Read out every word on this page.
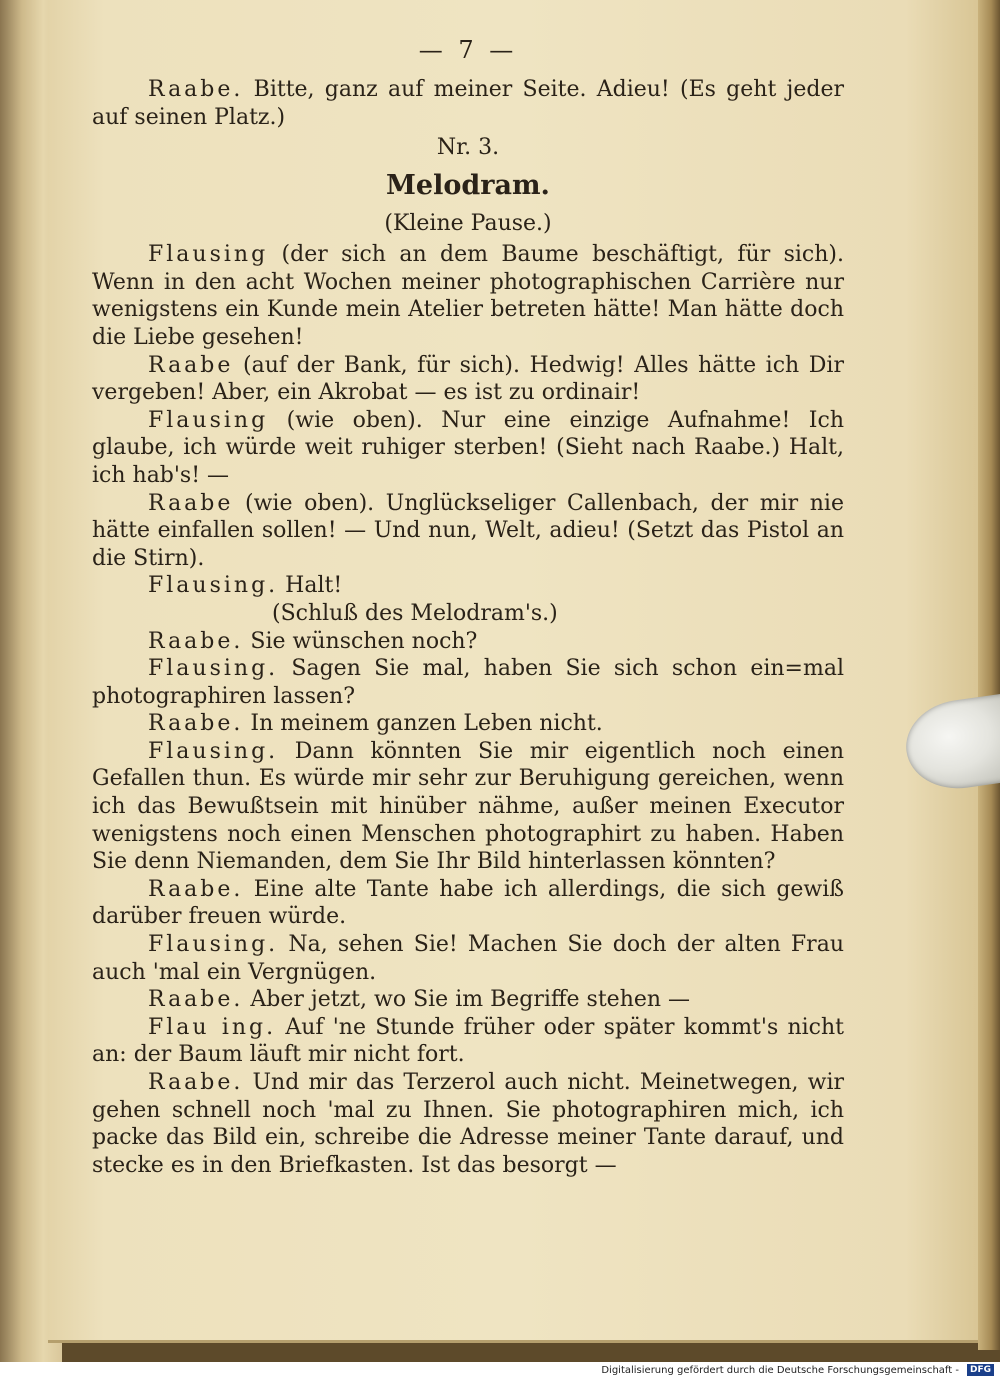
— 7 —

Raabe. Bitte, ganz auf meiner Seite. Adieu! (Es geht jeder auf seinen Platz.)

Nr. 3.
Melodram.
(Kleine Pause.)

Flausing (der sich an dem Baume beschäftigt, für sich). Wenn in den acht Wochen meiner photographischen Carrière nur wenigstens ein Kunde mein Atelier betreten hätte! Man hätte doch die Liebe gesehen!

Raabe (auf der Bank, für sich). Hedwig! Alles hätte ich Dir vergeben! Aber, ein Akrobat — es ist zu ordinair!

Flausing (wie oben). Nur eine einzige Aufnahme! Ich glaube, ich würde weit ruhiger sterben! (Sieht nach Raabe.) Halt, ich hab's! —

Raabe (wie oben). Unglückseliger Callenbach, der mir nie hätte einfallen sollen! — Und nun, Welt, adieu! (Setzt das Pistol an die Stirn).

Flausing. Halt!

(Schluß des Melodram's.)

Raabe. Sie wünschen noch?

Flausing. Sagen Sie mal, haben Sie sich schon ein=mal photographiren lassen?

Raabe. In meinem ganzen Leben nicht.

Flausing. Dann könnten Sie mir eigentlich noch einen Gefallen thun. Es würde mir sehr zur Beruhigung gereichen, wenn ich das Bewußtsein mit hinüber nähme, außer meinen Executor wenigstens noch einen Menschen photographirt zu haben. Haben Sie denn Niemanden, dem Sie Ihr Bild hinterlassen könnten?

Raabe. Eine alte Tante habe ich allerdings, die sich gewiß darüber freuen würde.

Flausing. Na, sehen Sie! Machen Sie doch der alten Frau auch 'mal ein Vergnügen.

Raabe. Aber jetzt, wo Sie im Begriffe stehen —

Flau ing. Auf 'ne Stunde früher oder später kommt's nicht an: der Baum läuft mir nicht fort.

Raabe. Und mir das Terzerol auch nicht. Meinetwegen, wir gehen schnell noch 'mal zu Ihnen. Sie photographiren mich, ich packe das Bild ein, schreibe die Adresse meiner Tante darauf, und stecke es in den Briefkasten. Ist das besorgt —

Digitalisierung gefördert durch die Deutsche Forschungsgemeinschaft - DFG
